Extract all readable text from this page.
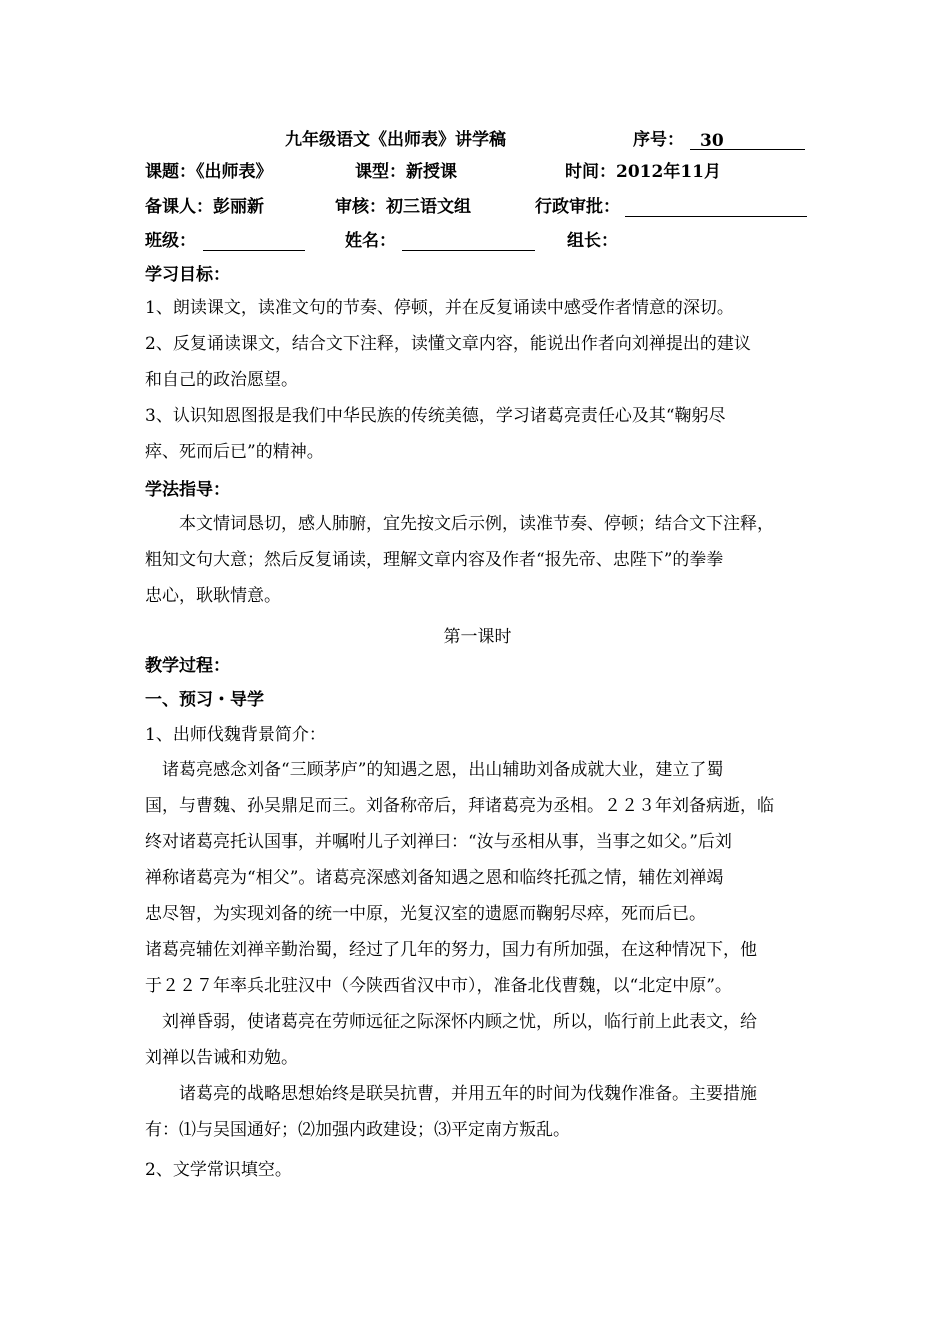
九年级语文《出师表》讲学稿	序号： 30
课题：《出师表》	课型：新授课	时间：2012年11月
备课人：彭丽新	审核：初三语文组	行政审批：
班级：	姓名：	组长：
学习目标：
1、朗读课文，读准文句的节奏、停顿，并在反复诵读中感受作者情意的深切。
2、反复诵读课文，结合文下注释，读懂文章内容，能说出作者向刘禅提出的建议
和自己的政治愿望。
3、认识知恩图报是我们中华民族的传统美德，学习诸葛亮责任心及其“鞠躬尽
瘁、死而后已”的精神。
学法指导：
　　本文情词恳切，感人肺腑，宜先按文后示例，读准节奏、停顿；结合文下注释，
粗知文句大意；然后反复诵读，理解文章内容及作者“报先帝、忠陛下”的拳拳
忠心，耿耿情意。
第一课时
教学过程：
一、预习・导学
1、出师伐魏背景简介：
　诸葛亮感念刘备“三顾茅庐”的知遇之恩，出山辅助刘备成就大业，建立了蜀
国，与曹魏、孙吴鼎足而三。刘备称帝后，拜诸葛亮为丞相。２２３年刘备病逝，临
终对诸葛亮托认国事，并嘱咐儿子刘禅曰：“汝与丞相从事，当事之如父。”后刘
禅称诸葛亮为“相父”。诸葛亮深感刘备知遇之恩和临终托孤之情，辅佐刘禅竭
忠尽智，为实现刘备的统一中原，光复汉室的遗愿而鞠躬尽瘁，死而后已。
诸葛亮辅佐刘禅辛勤治蜀，经过了几年的努力，国力有所加强，在这种情况下，他
于２２７年率兵北驻汉中（今陕西省汉中市），准备北伐曹魏，以“北定中原”。
　刘禅昏弱，使诸葛亮在劳师远征之际深怀内顾之忧，所以，临行前上此表文，给
刘禅以告诫和劝勉。
　　诸葛亮的战略思想始终是联吴抗曹，并用五年的时间为伐魏作准备。主要措施
有：⑴与吴国通好；⑵加强内政建设；⑶平定南方叛乱。
2、文学常识填空。
